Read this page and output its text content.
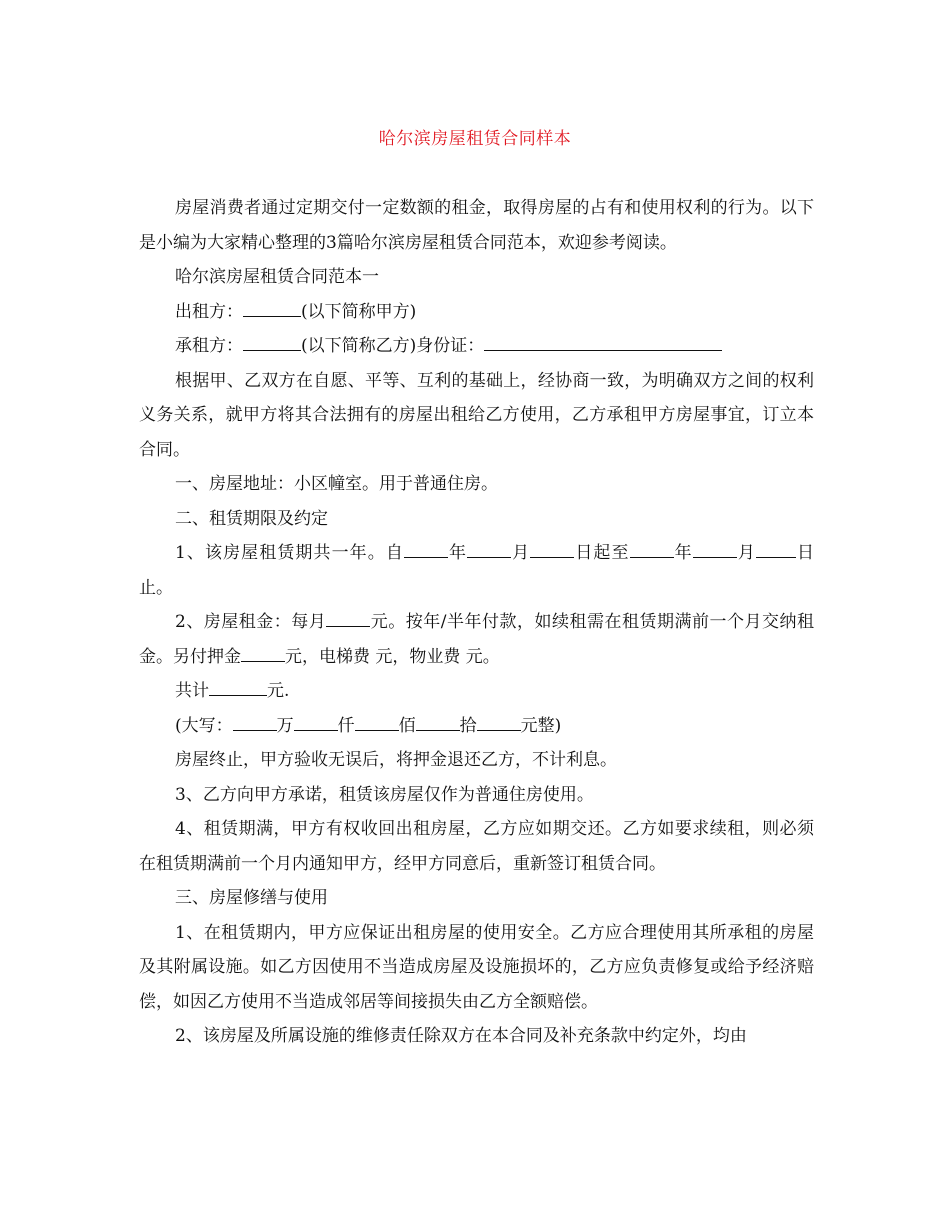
哈尔滨房屋租赁合同样本

房屋消费者通过定期交付一定数额的租金，取得房屋的占有和使用权利的行为。以下是小编为大家精心整理的3篇哈尔滨房屋租赁合同范本，欢迎参考阅读。

哈尔滨房屋租赁合同范本一

出租方：	(以下简称甲方)

承租方：	(以下简称乙方)身份证：

根据甲、乙双方在自愿、平等、互利的基础上，经协商一致，为明确双方之间的权利义务关系，就甲方将其合法拥有的房屋出租给乙方使用，乙方承租甲方房屋事宜，订立本合同。

一、房屋地址：小区幢室。用于普通住房。

二、租赁期限及约定

1、该房屋租赁期共一年。自	年	月	日起至	年	月 日止。

2、房屋租金：每月	元。按年/半年付款，如续租需在租赁期满前一个月交纳租金。另付押金	元，电梯费 元，物业费 元。

共计	元.

(大写：	万	仟	佰	拾	元整)

房屋终止，甲方验收无误后，将押金退还乙方，不计利息。

3、乙方向甲方承诺，租赁该房屋仅作为普通住房使用。

4、租赁期满，甲方有权收回出租房屋，乙方应如期交还。乙方如要求续租，则必须在租赁期满前一个月内通知甲方，经甲方同意后，重新签订租赁合同。

三、房屋修缮与使用

1、在租赁期内，甲方应保证出租房屋的使用安全。乙方应合理使用其所承租的房屋及其附属设施。如乙方因使用不当造成房屋及设施损坏的，乙方应负责修复或给予经济赔偿，如因乙方使用不当造成邻居等间接损失由乙方全额赔偿。

2、该房屋及所属设施的维修责任除双方在本合同及补充条款中约定外，均由
